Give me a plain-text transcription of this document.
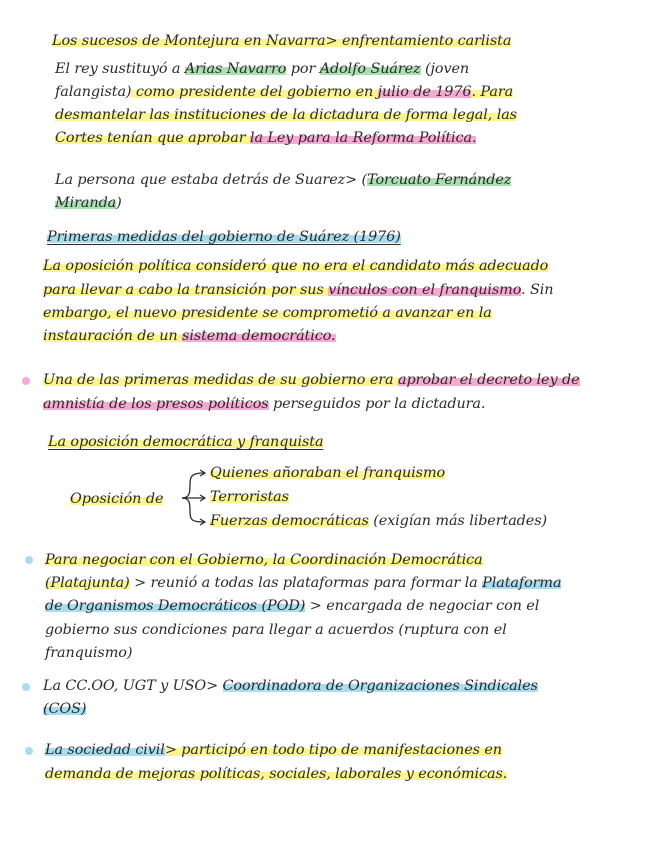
Los sucesos de Montejura en Navarra> enfrentamiento carlista
El rey sustituyó a Arias Navarro por Adolfo Suárez (joven
falangista) como presidente del gobierno en julio de 1976. Para
desmantelar las instituciones de la dictadura de forma legal, las
Cortes tenían que aprobar la Ley para la Reforma Política.
La persona que estaba detrás de Suarez> (Torcuato Fernández
Miranda)
Primeras medidas del gobierno de Suárez (1976)
La oposición política consideró que no era el candidato más adecuado
para llevar a cabo la transición por sus vínculos con el franquismo. Sin
embargo, el nuevo presidente se comprometió a avanzar en la
instauración de un sistema democrático.
Una de las primeras medidas de su gobierno era aprobar el decreto ley de
amnistía de los presos políticos perseguidos por la dictadura.
La oposición democrática y franquista
Oposición de
Quienes añoraban el franquismo
Terroristas
Fuerzas democráticas (exigían más libertades)
Para negociar con el Gobierno, la Coordinación Democrática
(Platajunta) > reunió a todas las plataformas para formar la Plataforma
de Organismos Democráticos (POD) > encargada de negociar con el
gobierno sus condiciones para llegar a acuerdos (ruptura con el
franquismo)
La CC.OO, UGT y USO> Coordinadora de Organizaciones Sindicales
(COS)
La sociedad civil> participó en todo tipo de manifestaciones en
demanda de mejoras políticas, sociales, laborales y económicas.
